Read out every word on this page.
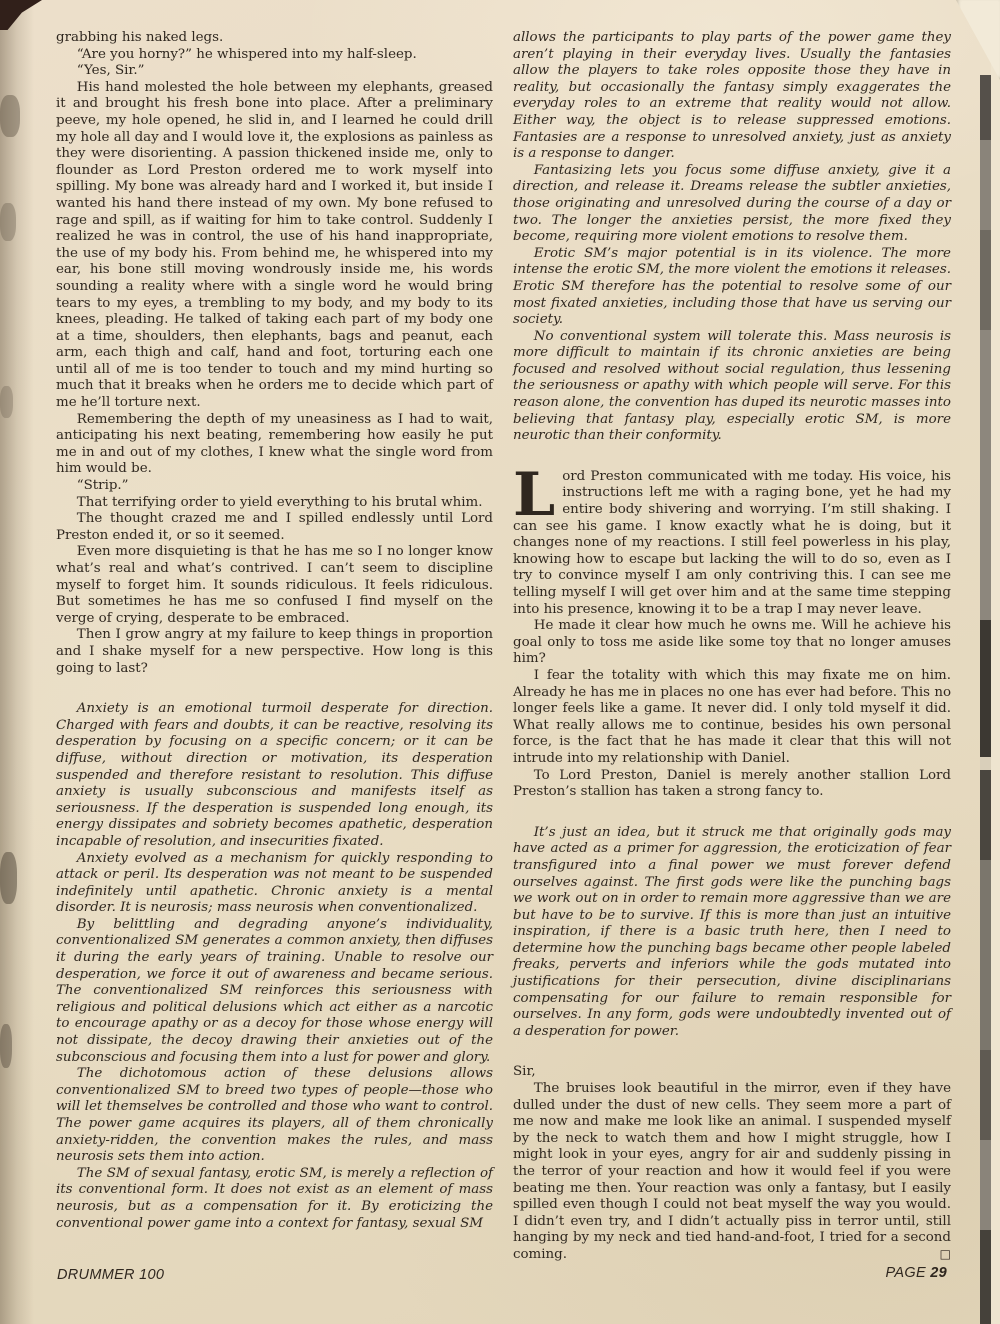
grabbing his naked legs.

“Are you horny?” he whispered into my half-sleep.

“Yes, Sir.”

His hand molested the hole between my elephants, greased it and brought his fresh bone into place. After a preliminary peeve, my hole opened, he slid in, and I learned he could drill my hole all day and I would love it, the explosions as painless as they were disorienting. A passion thickened inside me, only to flounder as Lord Preston ordered me to work myself into spilling. My bone was already hard and I worked it, but inside I wanted his hand there instead of my own. My bone refused to rage and spill, as if waiting for him to take control. Suddenly I realized he was in control, the use of his hand inappropriate, the use of my body his. From behind me, he whispered into my ear, his bone still moving wondrously inside me, his words sounding a reality where with a single word he would bring tears to my eyes, a trembling to my body, and my body to its knees, pleading. He talked of taking each part of my body one at a time, shoulders, then elephants, bags and peanut, each arm, each thigh and calf, hand and foot, torturing each one until all of me is too tender to touch and my mind hurting so much that it breaks when he orders me to decide which part of me he’ll torture next.

Remembering the depth of my uneasiness as I had to wait, anticipating his next beating, remembering how easily he put me in and out of my clothes, I knew what the single word from him would be.

“Strip.”

That terrifying order to yield everything to his brutal whim.

The thought crazed me and I spilled endlessly until Lord Preston ended it, or so it seemed.

Even more disquieting is that he has me so I no longer know what’s real and what’s contrived. I can’t seem to discipline myself to forget him. It sounds ridiculous. It feels ridiculous. But sometimes he has me so confused I find myself on the verge of crying, desperate to be embraced.

Then I grow angry at my failure to keep things in proportion and I shake myself for a new perspective. How long is this going to last?

Anxiety is an emotional turmoil desperate for direction. Charged with fears and doubts, it can be reactive, resolving its desperation by focusing on a specific concern; or it can be diffuse, without direction or motivation, its desperation suspended and therefore resistant to resolution. This diffuse anxiety is usually subconscious and manifests itself as seriousness. If the desperation is suspended long enough, its energy dissipates and sobriety becomes apathetic, desperation incapable of resolution, and insecurities fixated.

Anxiety evolved as a mechanism for quickly responding to attack or peril. Its desperation was not meant to be suspended indefinitely until apathetic. Chronic anxiety is a mental disorder. It is neurosis; mass neurosis when conventionalized.

By belittling and degrading anyone’s individuality, conventionalized SM generates a common anxiety, then diffuses it during the early years of training. Unable to resolve our desperation, we force it out of awareness and became serious. The conventionalized SM reinforces this seriousness with religious and political delusions which act either as a narcotic to encourage apathy or as a decoy for those whose energy will not dissipate, the decoy drawing their anxieties out of the subconscious and focusing them into a lust for power and glory.

The dichotomous action of these delusions allows conventionalized SM to breed two types of people—those who will let themselves be controlled and those who want to control. The power game acquires its players, all of them chronically anxiety-ridden, the convention makes the rules, and mass neurosis sets them into action.

The SM of sexual fantasy, erotic SM, is merely a reflection of its conventional form. It does not exist as an element of mass neurosis, but as a compensation for it. By eroticizing the conventional power game into a context for fantasy, sexual SM

allows the participants to play parts of the power game they aren’t playing in their everyday lives. Usually the fantasies allow the players to take roles opposite those they have in reality, but occasionally the fantasy simply exaggerates the everyday roles to an extreme that reality would not allow. Either way, the object is to release suppressed emotions. Fantasies are a response to unresolved anxiety, just as anxiety is a response to danger.

Fantasizing lets you focus some diffuse anxiety, give it a direction, and release it. Dreams release the subtler anxieties, those originating and unresolved during the course of a day or two. The longer the anxieties persist, the more fixed they become, requiring more violent emotions to resolve them.

Erotic SM’s major potential is in its violence. The more intense the erotic SM, the more violent the emotions it releases. Erotic SM therefore has the potential to resolve some of our most fixated anxieties, including those that have us serving our society.

No conventional system will tolerate this. Mass neurosis is more difficult to maintain if its chronic anxieties are being focused and resolved without social regulation, thus lessening the seriousness or apathy with which people will serve. For this reason alone, the convention has duped its neurotic masses into believing that fantasy play, especially erotic SM, is more neurotic than their conformity.

Lord Preston communicated with me today. His voice, his instructions left me with a raging bone, yet he had my entire body shivering and worrying. I’m still shaking. I can see his game. I know exactly what he is doing, but it changes none of my reactions. I still feel powerless in his play, knowing how to escape but lacking the will to do so, even as I try to convince myself I am only contriving this. I can see me telling myself I will get over him and at the same time stepping into his presence, knowing it to be a trap I may never leave.

He made it clear how much he owns me. Will he achieve his goal only to toss me aside like some toy that no longer amuses him?

I fear the totality with which this may fixate me on him. Already he has me in places no one has ever had before. This no longer feels like a game. It never did. I only told myself it did. What really allows me to continue, besides his own personal force, is the fact that he has made it clear that this will not intrude into my relationship with Daniel.

To Lord Preston, Daniel is merely another stallion Lord Preston’s stallion has taken a strong fancy to.

It’s just an idea, but it struck me that originally gods may have acted as a primer for aggression, the eroticization of fear transfigured into a final power we must forever defend ourselves against. The first gods were like the punching bags we work out on in order to remain more aggressive than we are but have to be to survive. If this is more than just an intuitive inspiration, if there is a basic truth here, then I need to determine how the punching bags became other people labeled freaks, perverts and inferiors while the gods mutated into justifications for their persecution, divine disciplinarians compensating for our failure to remain responsible for ourselves. In any form, gods were undoubtedly invented out of a desperation for power.

Sir,

The bruises look beautiful in the mirror, even if they have dulled under the dust of new cells. They seem more a part of me now and make me look like an animal. I suspended myself by the neck to watch them and how I might struggle, how I might look in your eyes, angry for air and suddenly pissing in the terror of your reaction and how it would feel if you were beating me then. Your reaction was only a fantasy, but I easily spilled even though I could not beat myself the way you would. I didn’t even try, and I didn’t actually piss in terror until, still hanging by my neck and tied hand-and-foot, I tried for a second coming.	□

DRUMMER 100	PAGE 29
